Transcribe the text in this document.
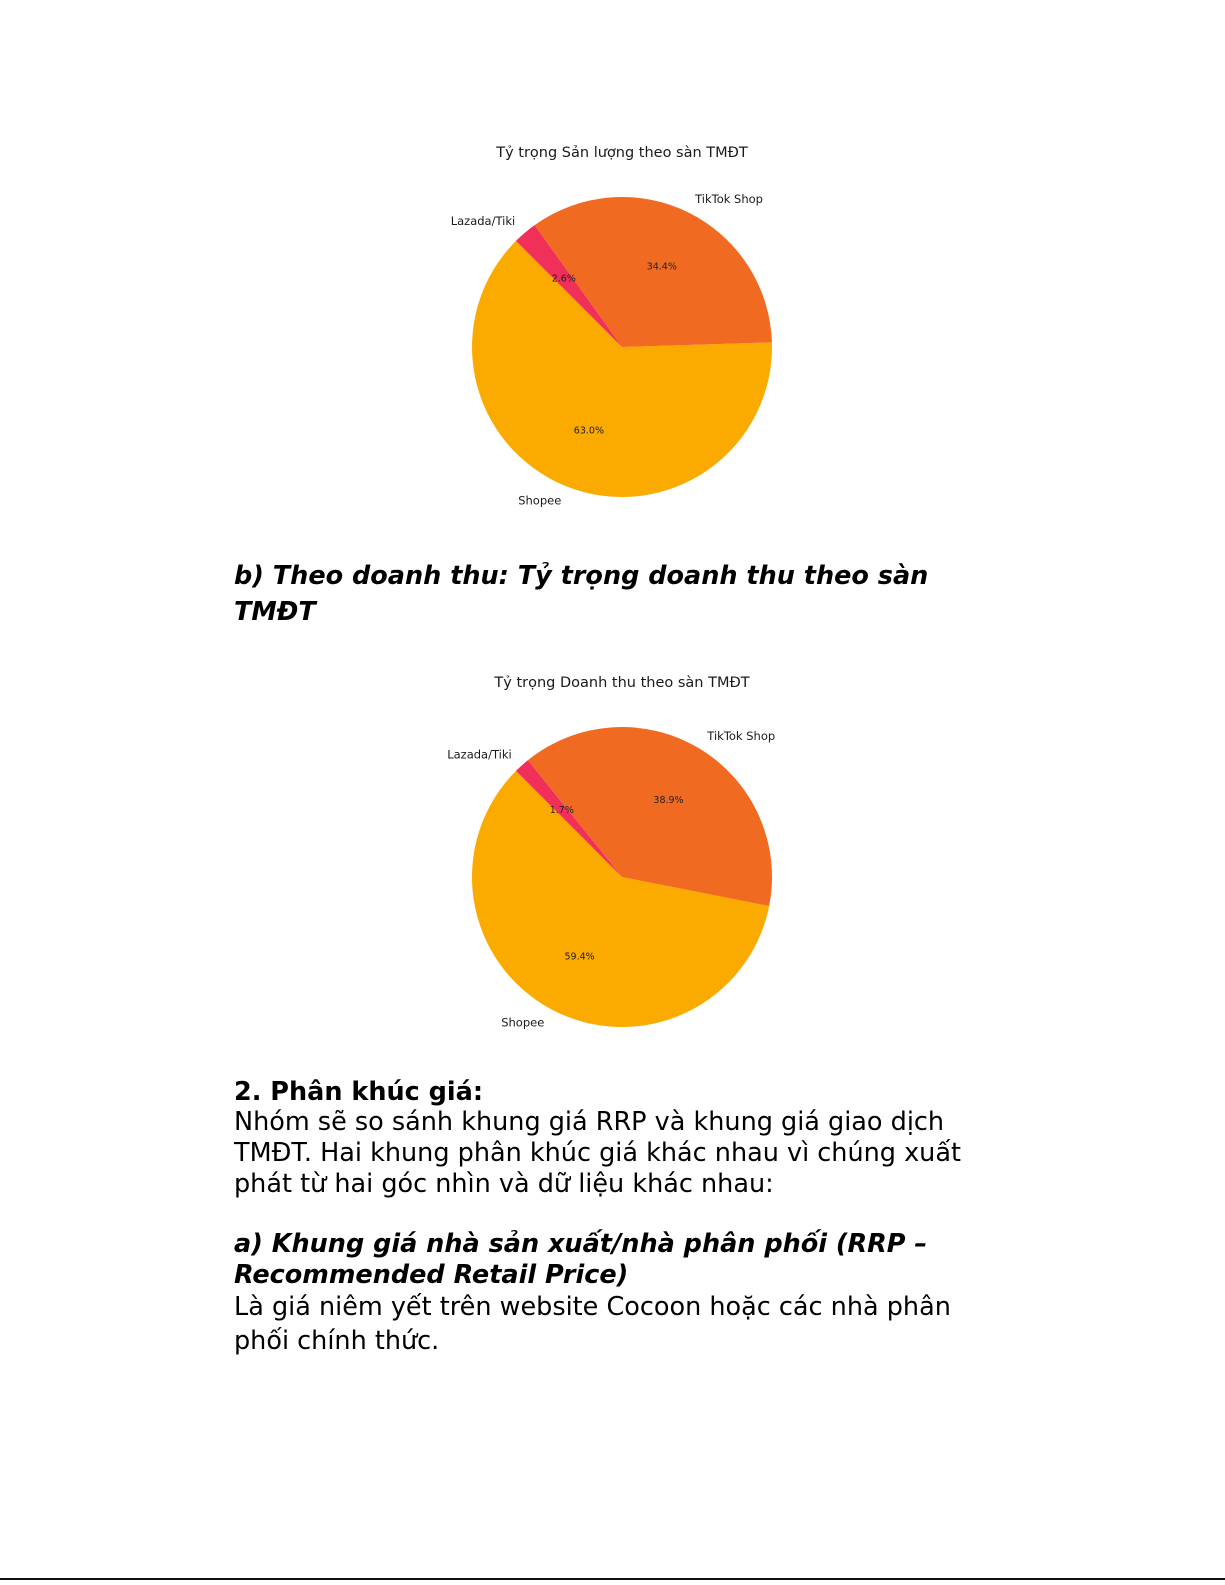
Tỷ trọng Sản lượng theo sàn TMĐT
Shopee
63.0%
TikTok Shop
34.4%
Lazada/Tiki
2.6%
b) Theo doanh thu: Tỷ trọng doanh thu theo sàn TMĐT
Tỷ trọng Doanh thu theo sàn TMĐT
Shopee
59.4%
TikTok Shop
38.9%
Lazada/Tiki
1.7%
2. Phân khúc giá:

Nhóm sẽ so sánh khung giá RRP và khung giá giao dịch TMĐT. Hai khung phân khúc giá khác nhau vì chúng xuất phát từ hai góc nhìn và dữ liệu khác nhau:

a) Khung giá nhà sản xuất/nhà phân phối (RRP – Recommended Retail Price)

Là giá niêm yết trên website Cocoon hoặc các nhà phân phối chính thức.
